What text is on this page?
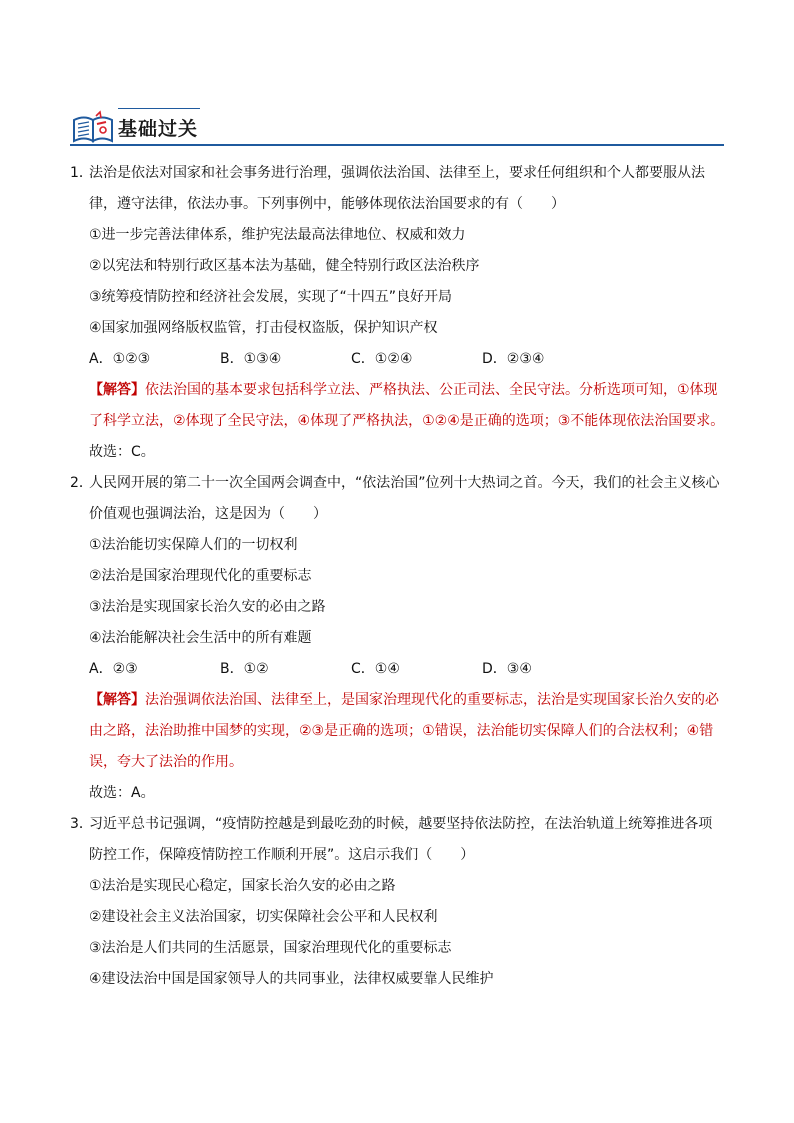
基础过关
1．
法治是依法对国家和社会事务进行治理，强调依法治国、法律至上，要求任何组织和个人都要服从法律，遵守法律，依法办事。下列事例中，能够体现依法治国要求的有（　　）
①进一步完善法律体系，维护宪法最高法律地位、权威和效力
②以宪法和特别行政区基本法为基础，健全特别行政区法治秩序
③统筹疫情防控和经济社会发展，实现了“十四五”良好开局
④国家加强网络版权监管，打击侵权盗版，保护知识产权
A．①②③	B．①③④	C．①②④	D．②③④
【解答】依法治国的基本要求包括科学立法、严格执法、公正司法、全民守法。分析选项可知，①体现了科学立法，②体现了全民守法，④体现了严格执法，①②④是正确的选项；③不能体现依法治国要求。
故选：C。
2．
人民网开展的第二十一次全国两会调查中，“依法治国”位列十大热词之首。今天，我们的社会主义核心价值观也强调法治，这是因为（　　）
①法治能切实保障人们的一切权利
②法治是国家治理现代化的重要标志
③法治是实现国家长治久安的必由之路
④法治能解决社会生活中的所有难题
A．②③	B．①②	C．①④	D．③④
【解答】法治强调依法治国、法律至上，是国家治理现代化的重要标志，法治是实现国家长治久安的必由之路，法治助推中国梦的实现，②③是正确的选项；①错误，法治能切实保障人们的合法权利；④错误，夸大了法治的作用。
故选：A。
3．
习近平总书记强调，“疫情防控越是到最吃劲的时候，越要坚持依法防控，在法治轨道上统筹推进各项防控工作，保障疫情防控工作顺利开展”。这启示我们（　　）
①法治是实现民心稳定，国家长治久安的必由之路
②建设社会主义法治国家，切实保障社会公平和人民权利
③法治是人们共同的生活愿景，国家治理现代化的重要标志
④建设法治中国是国家领导人的共同事业，法律权威要靠人民维护
